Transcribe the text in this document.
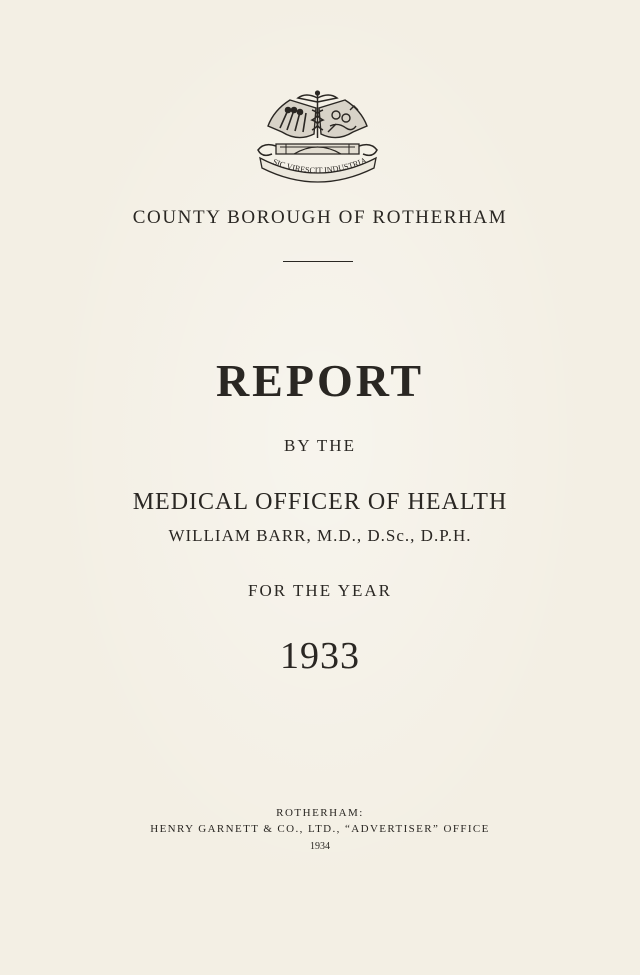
SIC VIRESCIT INDUSTRIA
COUNTY BOROUGH OF ROTHERHAM
REPORT
BY THE
MEDICAL OFFICER OF HEALTH
WILLIAM BARR, M.D., D.Sc., D.P.H.
FOR THE YEAR
1933
ROTHERHAM:
HENRY GARNETT & CO., LTD., “ADVERTISER” OFFICE
1934
